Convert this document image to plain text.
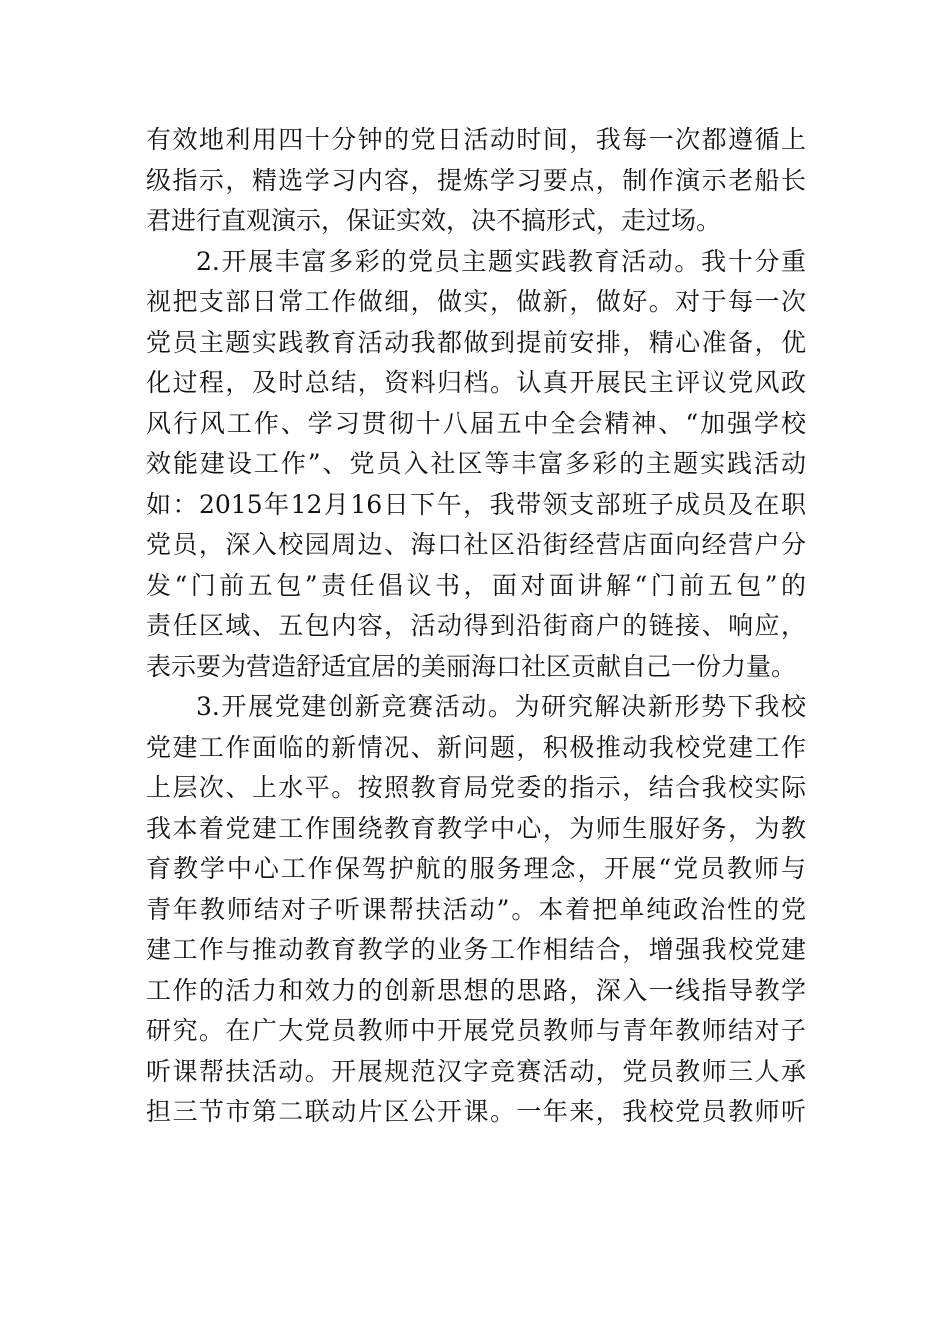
有效地利用四十分钟的党日活动时间，我每一次都遵循上
级指示，精选学习内容，提炼学习要点，制作演示老船长
君进行直观演示，保证实效，决不搞形式，走过场。
2.开展丰富多彩的党员主题实践教育活动。我十分重
视把支部日常工作做细，做实，做新，做好。对于每一次
党员主题实践教育活动我都做到提前安排，精心准备，优
化过程，及时总结，资料归档。认真开展民主评议党风政
风行风工作、学习贯彻十八届五中全会精神、“加强学校
效能建设工作”、党员入社区等丰富多彩的主题实践活动
如：2015年12月16日下午，我带领支部班子成员及在职
党员，深入校园周边、海口社区沿街经营店面向经营户分
发“门前五包”责任倡议书，面对面讲解“门前五包”的
责任区域、五包内容，活动得到沿街商户的链接、响应，
表示要为营造舒适宜居的美丽海口社区贡献自己一份力量。
3.开展党建创新竞赛活动。为研究解决新形势下我校
党建工作面临的新情况、新问题，积极推动我校党建工作
上层次、上水平。按照教育局党委的指示，结合我校实际
我本着党建工作围绕教育教学中心，为师生服好务，为教
育教学中心工作保驾护航的服务理念，开展“党员教师与
青年教师结对子听课帮扶活动”。本着把单纯政治性的党
建工作与推动教育教学的业务工作相结合，增强我校党建
工作的活力和效力的创新思想的思路，深入一线指导教学
研究。在广大党员教师中开展党员教师与青年教师结对子
听课帮扶活动。开展规范汉字竞赛活动，党员教师三人承
担三节市第二联动片区公开课。一年来，我校党员教师听
